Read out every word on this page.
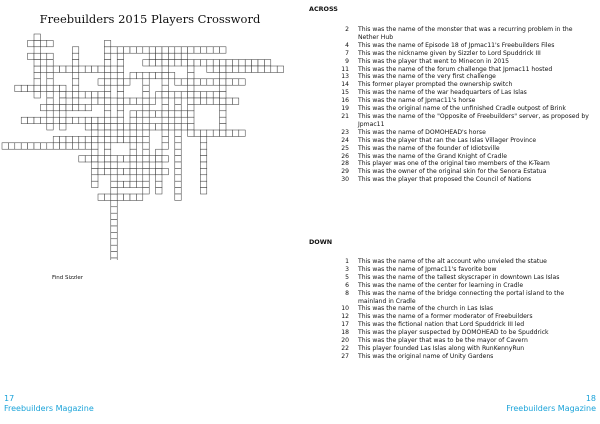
Freebuilders 2015 Players Crossword
Find Sizzler
17
Freebuilders Magazine
ACROSS
2 This was the name of the monster that was a recurring problem in the Nether Hub
4 This was the name of Episode 18 of Jpmac11's Freebuilders Files
7 This was the nickname given by Sizzler to Lord Spuddrick III
9 This was the player that went to Minecon in 2015
11 This was the name of the forum challenge that Jpmac11 hosted
13 This was the name of the very first challenge
14 This former player prompted the ownership switch
15 This was the name of the war headquarters of Las Islas
16 This was the name of Jpmac11's horse
19 This was the original name of the unfinished Cradle outpost of Brink
21 This was the name of the "Opposite of Freebuilders" server, as proposed by Jpmac11
23 This was the name of DOMOHEAD's horse
24 This was the player that ran the Las Islas Villager Province
25 This was the name of the founder of Idiotsville
26 This was the name of the Grand Knight of Cradle
28 This player was one of the original two members of the K-Team
29 This was the owner of the original skin for the Senora Estatua
30 This was the player that proposed the Council of Nations
DOWN
1 This was the name of the alt account who unvieled the statue
3 This was the name of Jpmac11's favorite bow
5 This was the name of the tallest skyscraper in downtown Las Islas
6 This was the name of the center for learning in Cradle
8 This was the name of the bridge connecting the portal island to the mainland in Cradle
10 This was the name of the church in Las Islas
12 This was the name of a former moderator of Freebuilders
17 This was the fictional nation that Lord Spuddrick III led
18 This was the player suspected by DOMOHEAD to be Spuddrick
20 This was the player that was to be the mayor of Cavern
22 This player founded Las Islas along with RunKennyRun
27 This was the original name of Unity Gardens
18
Freebuilders Magazine
